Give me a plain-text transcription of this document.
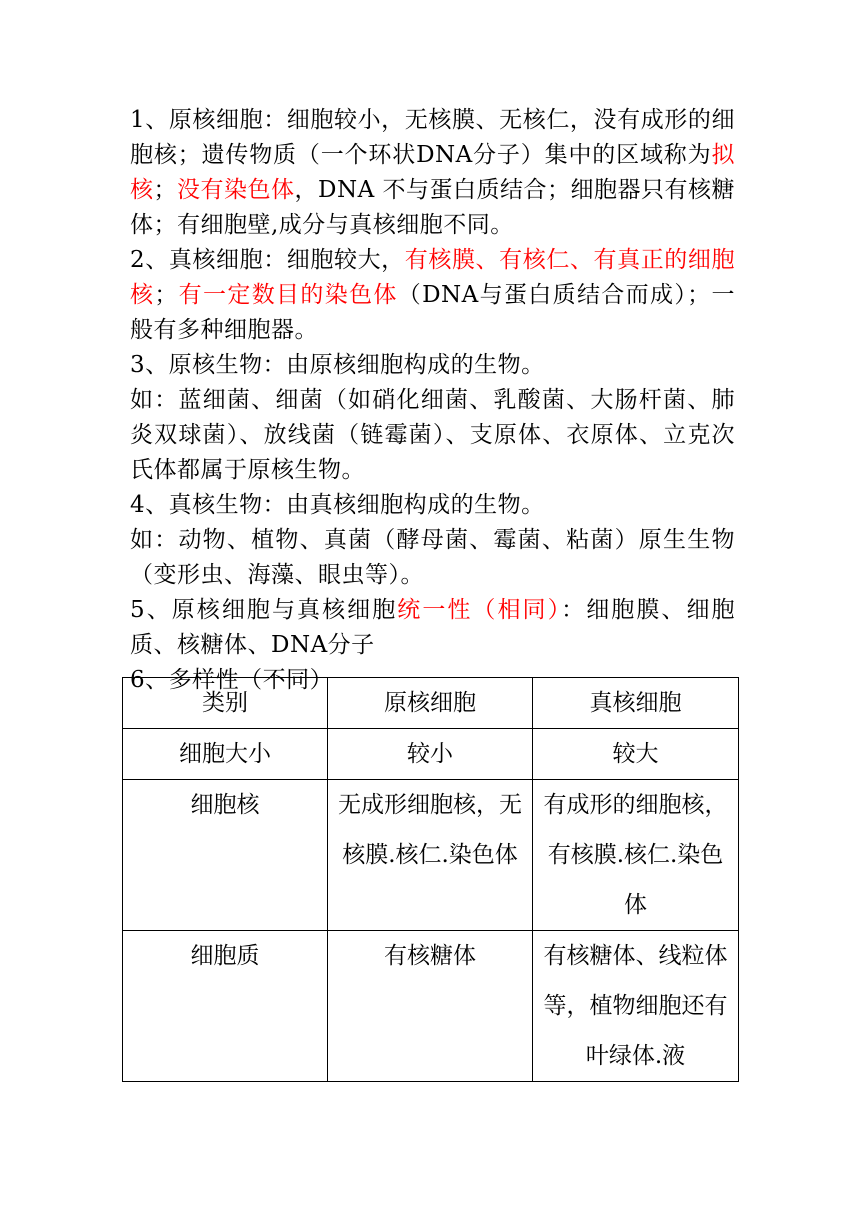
1、原核细胞：细胞较小，无核膜、无核仁，没有成形的细胞核；遗传物质（一个环状DNA分子）集中的区域称为拟核；没有染色体，DNA 不与蛋白质结合；细胞器只有核糖体；有细胞壁,成分与真核细胞不同。

2、真核细胞：细胞较大，有核膜、有核仁、有真正的细胞核；有一定数目的染色体（DNA与蛋白质结合而成）；一般有多种细胞器。

3、原核生物：由原核细胞构成的生物。

如：蓝细菌、细菌（如硝化细菌、乳酸菌、大肠杆菌、肺炎双球菌）、放线菌（链霉菌）、支原体、衣原体、立克次氏体都属于原核生物。

4、真核生物：由真核细胞构成的生物。

如：动物、植物、真菌（酵母菌、霉菌、粘菌）原生生物（变形虫、海藻、眼虫等）。

5、原核细胞与真核细胞统一性（相同）：细胞膜、细胞质、核糖体、DNA分子

6、多样性（不同）

类别	原核细胞	真核细胞
细胞大小	较小	较大
细胞核	无成形细胞核，无核膜.核仁.染色体	有成形的细胞核，有核膜.核仁.染色体
细胞质	有核糖体	有核糖体、线粒体等，植物细胞还有叶绿体.液
